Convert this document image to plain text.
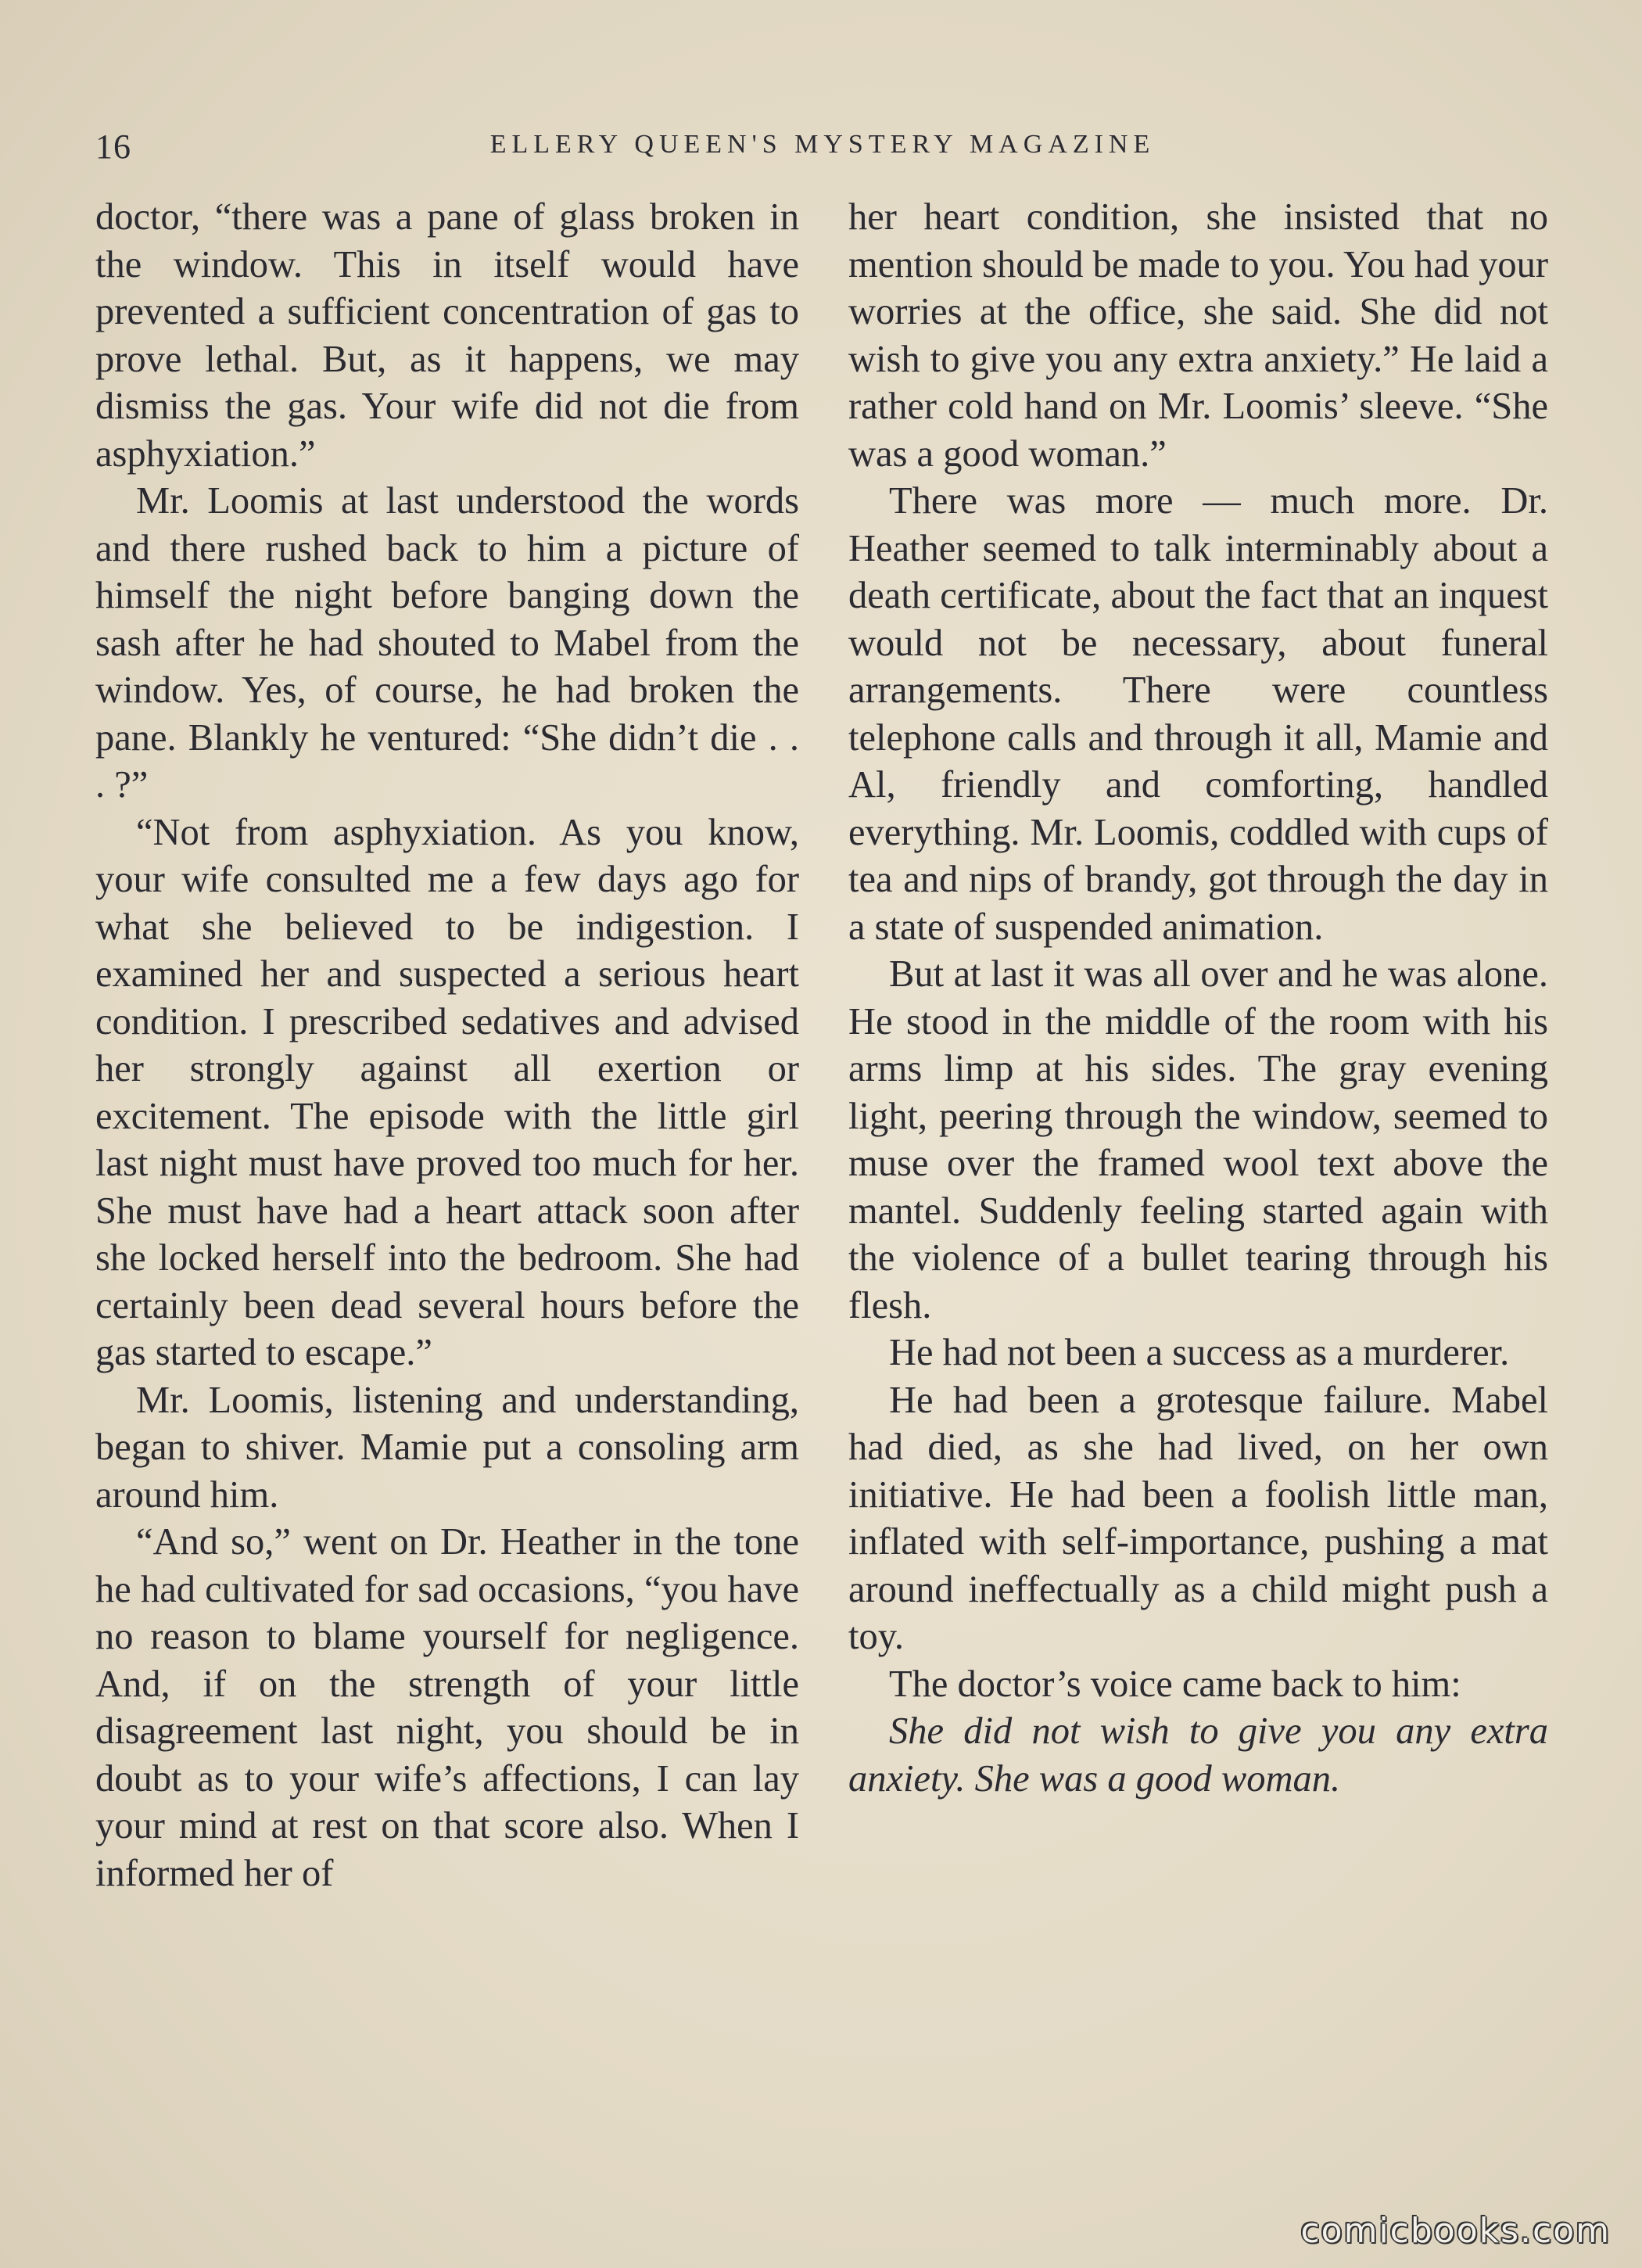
16	ELLERY QUEEN'S MYSTERY MAGAZINE

doctor, “there was a pane of glass broken in the window. This in itself would have prevented a sufficient concentration of gas to prove lethal. But, as it happens, we may dismiss the gas. Your wife did not die from asphyxiation.”

Mr. Loomis at last understood the words and there rushed back to him a picture of himself the night before banging down the sash after he had shouted to Mabel from the window. Yes, of course, he had broken the pane. Blankly he ventured: “She didn’t die . . . ?”

“Not from asphyxiation. As you know, your wife consulted me a few days ago for what she believed to be indigestion. I examined her and suspected a serious heart condition. I prescribed sedatives and advised her strongly against all exertion or excitement. The episode with the little girl last night must have proved too much for her. She must have had a heart attack soon after she locked herself into the bedroom. She had certainly been dead several hours before the gas started to escape.”

Mr. Loomis, listening and understanding, began to shiver. Mamie put a consoling arm around him.

“And so,” went on Dr. Heather in the tone he had cultivated for sad occasions, “you have no reason to blame yourself for negligence. And, if on the strength of your little disagreement last night, you should be in doubt as to your wife’s affections, I can lay your mind at rest on that score also. When I informed her of

her heart condition, she insisted that no mention should be made to you. You had your worries at the office, she said. She did not wish to give you any extra anxiety.” He laid a rather cold hand on Mr. Loomis’ sleeve. “She was a good woman.”

There was more — much more. Dr. Heather seemed to talk interminably about a death certificate, about the fact that an inquest would not be necessary, about funeral arrangements. There were countless telephone calls and through it all, Mamie and Al, friendly and comforting, handled everything. Mr. Loomis, coddled with cups of tea and nips of brandy, got through the day in a state of suspended animation.

But at last it was all over and he was alone. He stood in the middle of the room with his arms limp at his sides. The gray evening light, peering through the window, seemed to muse over the framed wool text above the mantel. Suddenly feeling started again with the violence of a bullet tearing through his flesh.

He had not been a success as a murderer.

He had been a grotesque failure. Mabel had died, as she had lived, on her own initiative. He had been a foolish little man, inflated with self-importance, pushing a mat around ineffectually as a child might push a toy.

The doctor’s voice came back to him:

She did not wish to give you any extra anxiety. She was a good woman.

comicbooks.com
